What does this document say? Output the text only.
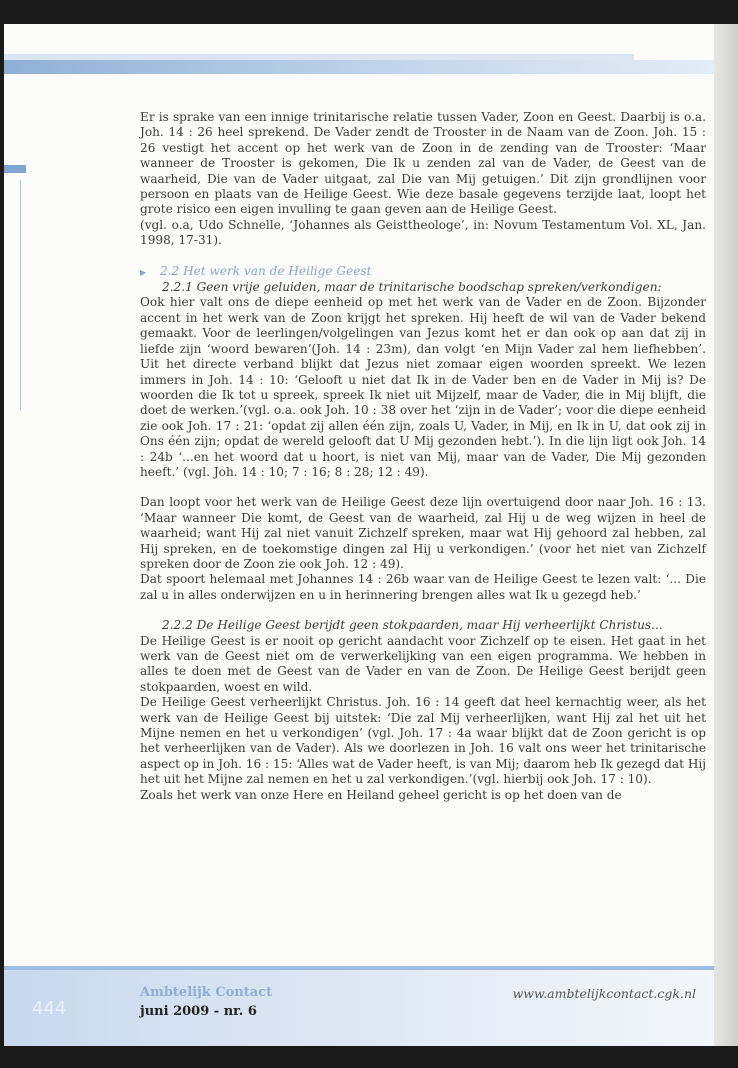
Er is sprake van een innige trinitarische relatie tussen Vader, Zoon en Geest. Daarbij is o.a. Joh. 14 : 26 heel sprekend. De Vader zendt de Trooster in de Naam van de Zoon. Joh. 15 : 26 vestigt het accent op het werk van de Zoon in de zending van de Trooster: ‘Maar wanneer de Trooster is gekomen, Die Ik u zenden zal van de Vader, de Geest van de waarheid, Die van de Vader uitgaat, zal Die van Mij getuigen.’ Dit zijn grondlijnen voor persoon en plaats van de Heilige Geest. Wie deze basale gegevens terzijde laat, loopt het grote risico een eigen invulling te gaan geven aan de Heilige Geest.

(vgl. o.a, Udo Schnelle, ‘Johannes als Geisttheologe’, in: Novum Testamentum Vol. XL, Jan. 1998, 17-31).

▶ 2.2 Het werk van de Heilige Geest

2.2.1 Geen vrije geluiden, maar de trinitarische boodschap spreken/verkondigen:

Ook hier valt ons de diepe eenheid op met het werk van de Vader en de Zoon. Bijzonder accent in het werk van de Zoon krijgt het spreken. Hij heeft de wil van de Vader bekend gemaakt. Voor de leerlingen/volgelingen van Jezus komt het er dan ook op aan dat zij in liefde zijn ‘woord bewaren’(Joh. 14 : 23m), dan volgt ‘en Mijn Vader zal hem liefhebben’. Uit het directe verband blijkt dat Jezus niet zomaar eigen woorden spreekt. We lezen immers in Joh. 14 : 10: ‘Gelooft u niet dat Ik in de Vader ben en de Vader in Mij is? De woorden die Ik tot u spreek, spreek Ik niet uit Mijzelf, maar de Vader, die in Mij blijft, die doet de werken.’(vgl. o.a. ook Joh. 10 : 38 over het ‘zijn in de Vader’; voor die diepe eenheid zie ook Joh. 17 : 21: ‘opdat zij allen één zijn, zoals U, Vader, in Mij, en Ik in U, dat ook zij in Ons één zijn; opdat de wereld gelooft dat U Mij gezonden hebt.’). In die lijn ligt ook Joh. 14 : 24b ‘...en het woord dat u hoort, is niet van Mij, maar van de Vader, Die Mij gezonden heeft.’ (vgl. Joh. 14 : 10; 7 : 16; 8 : 28; 12 : 49).

Dan loopt voor het werk van de Heilige Geest deze lijn overtuigend door naar Joh. 16 : 13. ‘Maar wanneer Die komt, de Geest van de waarheid, zal Hij u de weg wijzen in heel de waarheid; want Hij zal niet vanuit Zichzelf spreken, maar wat Hij gehoord zal hebben, zal Hij spreken, en de toekomstige dingen zal Hij u verkondigen.’ (voor het niet van Zichzelf spreken door de Zoon zie ook Joh. 12 : 49).

Dat spoort helemaal met Johannes 14 : 26b waar van de Heilige Geest te lezen valt: ‘... Die zal u in alles onderwijzen en u in herinnering brengen alles wat Ik u gezegd heb.’

2.2.2 De Heilige Geest berijdt geen stokpaarden, maar Hij verheerlijkt Christus...

De Heilige Geest is er nooit op gericht aandacht voor Zichzelf op te eisen. Het gaat in het werk van de Geest niet om de verwerkelijking van een eigen programma. We hebben in alles te doen met de Geest van de Vader en van de Zoon. De Heilige Geest berijdt geen stokpaarden, woest en wild.

De Heilige Geest verheerlijkt Christus. Joh. 16 : 14 geeft dat heel kernachtig weer, als het werk van de Heilige Geest bij uitstek: ‘Die zal Mij verheerlijken, want Hij zal het uit het Mijne nemen en het u verkondigen’ (vgl. Joh. 17 : 4a waar blijkt dat de Zoon gericht is op het verheerlijken van de Vader). Als we doorlezen in Joh. 16 valt ons weer het trinitarische aspect op in Joh. 16 : 15: ‘Alles wat de Vader heeft, is van Mij; daarom heb Ik gezegd dat Hij het uit het Mijne zal nemen en het u zal verkondigen.’(vgl. hierbij ook Joh. 17 : 10).

Zoals het werk van onze Here en Heiland geheel gericht is op het doen van de

444
Ambtelijk Contact
juni 2009 - nr. 6
www.ambtelijkcontact.cgk.nl
